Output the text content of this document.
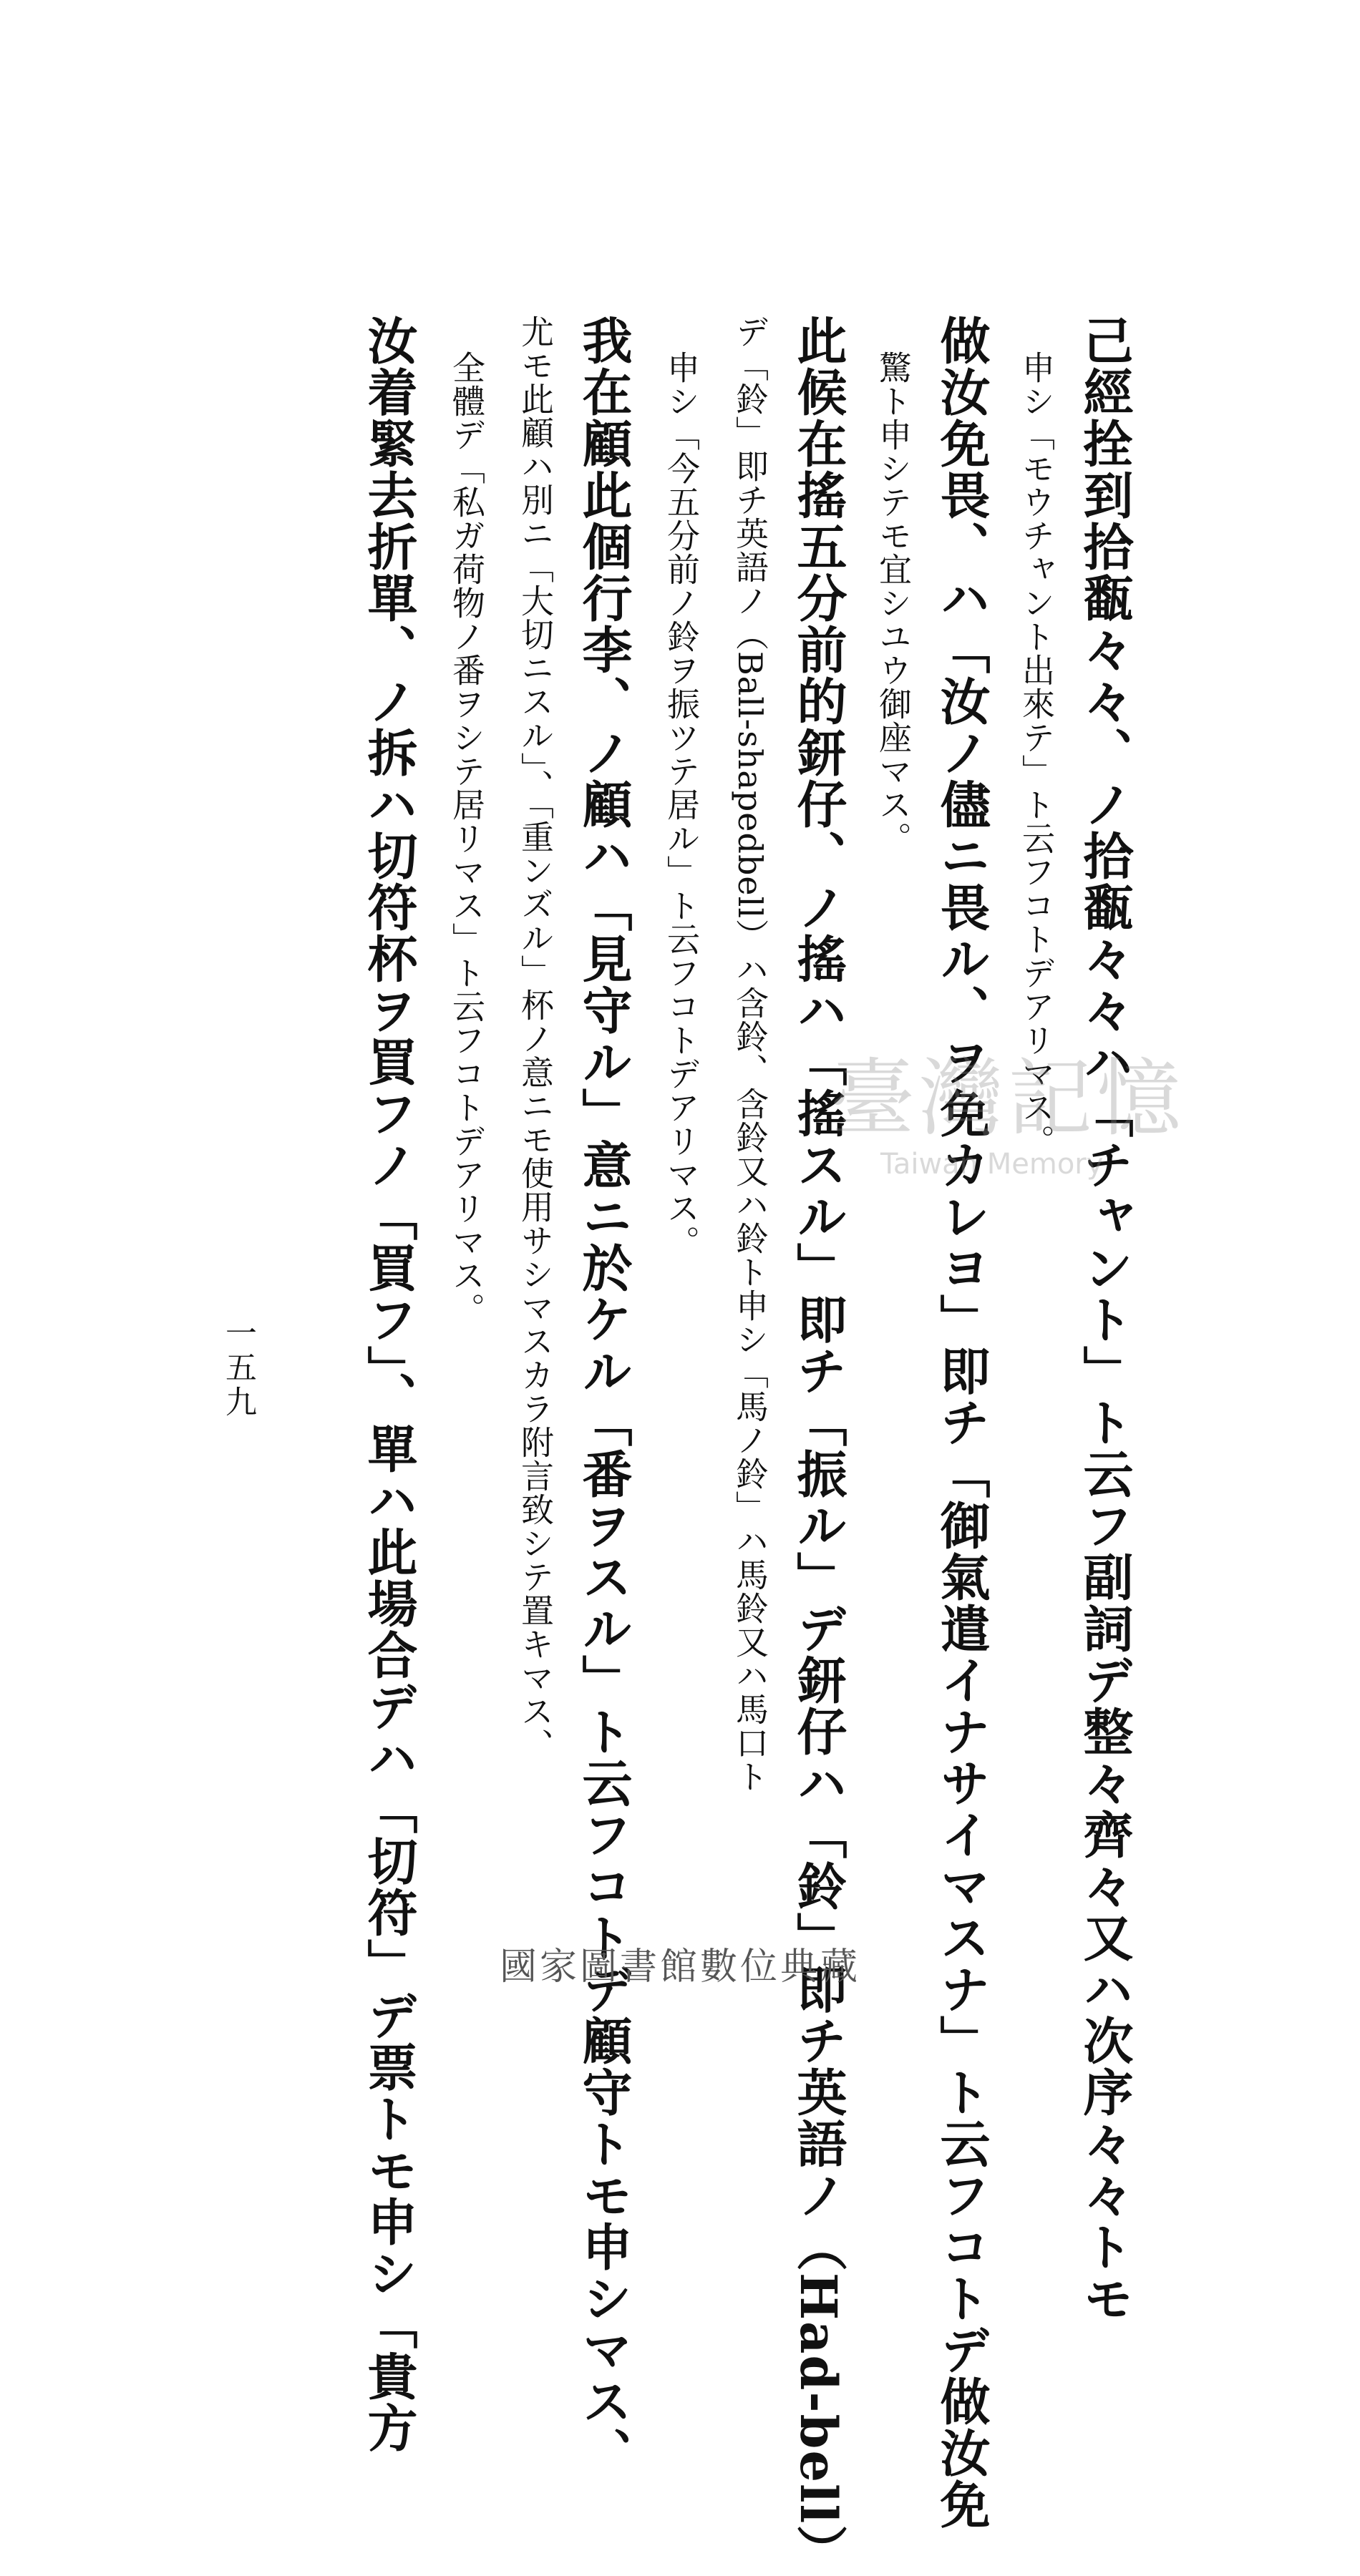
己經拴到拾㽃々々、ノ拾㽃々々ハ「チャント」ト云フ副詞デ整々齊々又ハ次序々々トモ
申シ「モウチャント出來テ」ト云フコトデアリマス。
做汝免畏、ハ「汝ノ儘ニ畏ル、ヲ免カレヨ」即チ「御氣遣イナサイマスナ」ト云フコトデ做汝免
驚ト申シテモ宜シユウ御座マス。
此候在搖五分前的鈃仔、ノ搖ハ「搖スル」即チ「振ル」デ鈃仔ハ「鈴」即チ英語ノ（Had-bell）
デ「鈴」即チ英語ノ（Ball-shapedbell）ハ含鈴、含鈴又ハ鈴ト申シ「馬ノ鈴」ハ馬鈴又ハ馬口ト
申シ「今五分前ノ鈴ヲ振ツテ居ル」ト云フコトデアリマス。
我在顧此個行李、ノ顧ハ「見守ル」意ニ於ケル「番ヲスル」ト云フコトデ顧守トモ申シマス、
尤モ此顧ハ別ニ「大切ニスル」、「重ンズル」杯ノ意ニモ使用サシマスカラ附言致シテ置キマス、
全體デ「私ガ荷物ノ番ヲシテ居リマス」ト云フコトデアリマス。
汝着緊去折單、ノ拆ハ切符杯ヲ買フノ「買フ」、單ハ此場合デハ「切符」デ票トモ申シ「貴方
一五九
臺灣記憶
Taiwan Memory
國家圖書館數位典藏
